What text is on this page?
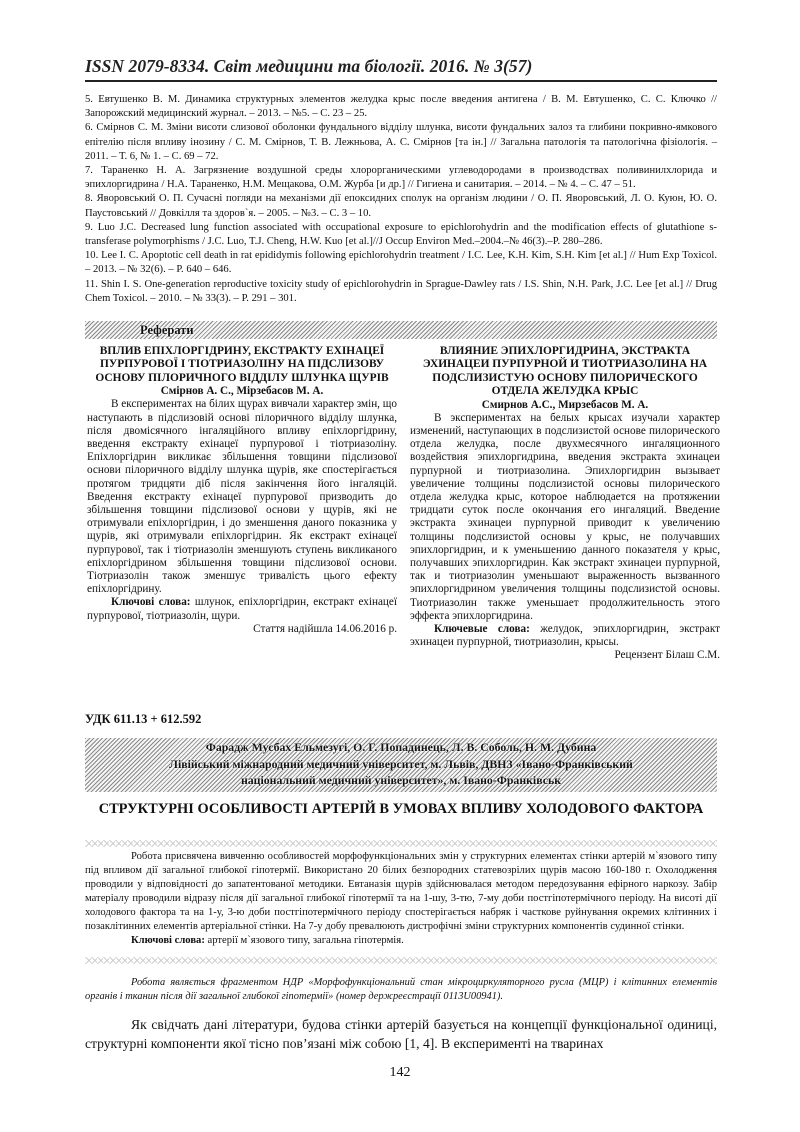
ISSN 2079-8334. Світ медицини та біології. 2016. № 3(57)

5. Евтушенко В. М. Динамика структурных элементов желудка крыс после введения антигена / В. М. Евтушенко, С. С. Ключко // Запорожский медицинский журнал. – 2013. – №5. – С. 23 – 25.

6. Смірнов С. М. Зміни висоти слизової оболонки фундального відділу шлунка, висоти фундальних залоз та глибини покривно-ямкового епітелію після впливу інозину / С. М. Смірнов, Т. В. Лежньова, А. С. Смірнов [та ін.] // Загальна патологія та патологічна фізіологія. – 2011. – Т. 6, № 1. – С. 69 – 72.

7. Тараненко Н. А. Загрязнение воздушной среды хлорорганическими углеводородами в производствах поливинилхлорида и эпихлоргидрина / Н.А. Тараненко, Н.М. Мещакова, О.М. Журба [и др.] // Гигиена и санитария. – 2014. – № 4. – С. 47 – 51.

8. Яворовський О. П. Сучасні погляди на механізми дії епоксидних сполук на організм людини / О. П. Яворовський, Л. О. Куюн, Ю. О. Паустовський // Довкілля та здоров`я. – 2005. – №3. – С. 3 – 10.

9. Luo J.C. Decreased lung function associated with occupational exposure to epichlorohydrin and the modification effects of glutathione s-transferase polymorphisms / J.C. Luo, T.J. Cheng, H.W. Kuo [et al.]//J Occup Environ Med.–2004.–№ 46(3).–P. 280–286.

10. Lee I. C. Apoptotic cell death in rat epididymis following epichlorohydrin treatment / I.C. Lee, K.H. Kim, S.H. Kim [et al.] // Hum Exp Toxicol. – 2013. – № 32(6). – P. 640 – 646.

11. Shin I. S. One-generation reproductive toxicity study of epichlorohydrin in Sprague-Dawley rats / I.S. Shin, N.H. Park, J.C. Lee [et al.] // Drug Chem Toxicol. – 2010. – № 33(3). – P. 291 – 301.

Реферати

ВПЛИВ ЕПІХЛОРГІДРИНУ, ЕКСТРАКТУ ЕХІНАЦЕЇ ПУРПУРОВОЇ І ТІОТРИАЗОЛІНУ НА ПІДСЛИЗОВУ ОСНОВУ ПІЛОРИЧНОГО ВІДДІЛУ ШЛУНКА ЩУРІВ

Смірнов А. С., Мірзебасов М. А.

В експериментах на білих щурах вивчали характер змін, що наступають в підслизовій основі пілоричного відділу шлунка, після двомісячного інгаляційного впливу епіхлоргідрину, введення екстракту ехінацеї пурпурової і тіотриазоліну. Епіхлоргідрин викликає збільшення товщини підслизової основи пілоричного відділу шлунка щурів, яке спостерігається протягом тридцяти діб після закінчення його інгаляцій. Введення екстракту ехінацеї пурпурової призводить до збільшення товщини підслизової основи у щурів, які не отримували епіхлоргідрин, і до зменшення даного показника у щурів, які отримували епіхлоргідрин. Як екстракт ехінацеї пурпурової, так і тіотриазолін зменшують ступень викликаного епіхлоргідрином збільшення товщини підслизової основи. Тіотриазолін також зменшує тривалість цього ефекту епіхлоргідрину.

Ключові слова: шлунок, епіхлоргідрин, екстракт ехінацеї пурпурової, тіотриазолін, щури.

Стаття надійшла 14.06.2016 р.

ВЛИЯНИЕ ЭПИХЛОРГИДРИНА, ЭКСТРАКТА ЭХИНАЦЕИ ПУРПУРНОЙ И ТИОТРИАЗОЛИНА НА ПОДСЛИЗИСТУЮ ОСНОВУ ПИЛОРИЧЕСКОГО ОТДЕЛА ЖЕЛУДКА КРЫС

Смирнов А.С., Мирзебасов М. А.

В экспериментах на белых крысах изучали характер изменений, наступающих в подслизистой основе пилорического отдела желудка, после двухмесячного ингаляционного воздействия эпихлоргидрина, введения экстракта эхинацеи пурпурной и тиотриазолина. Эпихлоргидрин вызывает увеличение толщины подслизистой основы пилорического отдела желудка крыс, которое наблюдается на протяжении тридцати суток после окончания его ингаляций. Введение экстракта эхинацеи пурпурной приводит к увеличению толщины подслизистой основы у крыс, не получавших эпихлоргидрин, и к уменьшению данного показателя у крыс, получавших эпихлоргидрин. Как экстракт эхинацеи пурпурной, так и тиотриазолин уменьшают выраженность вызванного эпихлоргидрином увеличения толщины подслизистой основы. Тиотриазолин также уменьшает продолжительность этого эффекта эпихлоргидрина.

Ключевые слова: желудок, эпихлоргидрин, экстракт эхинацеи пурпурной, тиотриазолин, крысы.

Рецензент Білаш С.М.

УДК 611.13 + 612.592

Фарадж Мусбах Ельмезугі, О. Г. Попадинець, Л. В. Соболь, Н. М. Дубина

Лівійський міжнародний медичний університет, м. Львів, ДВНЗ «Івано-Франківський

національний медичний університет», м. Івано-Франківськ

СТРУКТУРНІ ОСОБЛИВОСТІ АРТЕРІЙ В УМОВАХ ВПЛИВУ ХОЛОДОВОГО ФАКТОРА

Робота присвячена вивченню особливостей морфофункціональних змін у структурних елементах стінки артерій м`язового типу під впливом дії загальної глибокої гіпотермії. Використано 20 білих безпородних статевозрілих щурів масою 160-180 г. Охолодження проводили у відповідності до запатентованої методики. Евтаназія щурів здійснювалася методом передозування ефірного наркозу. Забір матеріалу проводили відразу після дії загальної глибокої гіпотермії та на 1-шу, 3-тю, 7-му доби постгіпотермічного періоду. На висоті дії холодового фактора та на 1-у, 3-ю доби постгіпотермічного періоду спостерігається набряк і часткове руйнування окремих клітинних і позаклітинних елементів артеріальної стінки. На 7-у добу превалюють дистрофічні зміни структурних компонентів судинної стінки.

Ключові слова: артерії м`язового типу, загальна гіпотермія.

Робота являється фрагментом НДР «Морфофункціональний стан мікроциркуляторного русла (МЦР) і клітинних елементів органів і тканин після дії загальної глибокої гіпотермії» (номер держреєстрації 0113U00941).

Як свідчать дані літератури, будова стінки артерій базується на концепції функціональної одиниці, структурні компоненти якої тісно пов’язані між собою [1, 4]. В експерименті на тваринах

142
